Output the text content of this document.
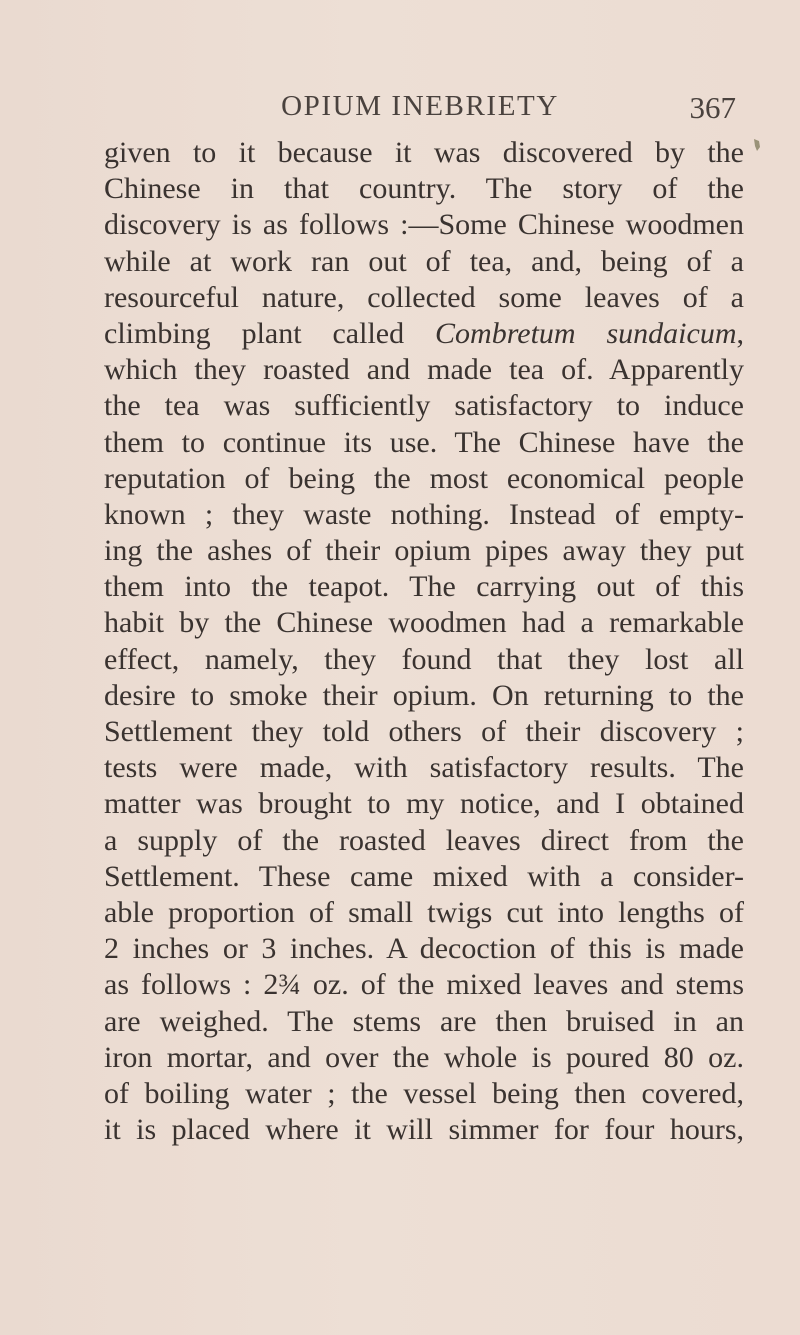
OPIUM INEBRIETY	367
given to it because it was discovered by the
Chinese in that country. The story of the
discovery is as follows :—Some Chinese woodmen
while at work ran out of tea, and, being of a
resourceful nature, collected some leaves of a
climbing plant called Combretum sundaicum,
which they roasted and made tea of. Apparently
the tea was sufficiently satisfactory to induce
them to continue its use. The Chinese have the
reputation of being the most economical people
known ; they waste nothing. Instead of empty-
ing the ashes of their opium pipes away they put
them into the teapot. The carrying out of this
habit by the Chinese woodmen had a remarkable
effect, namely, they found that they lost all
desire to smoke their opium. On returning to the
Settlement they told others of their discovery ;
tests were made, with satisfactory results. The
matter was brought to my notice, and I obtained
a supply of the roasted leaves direct from the
Settlement. These came mixed with a consider-
able proportion of small twigs cut into lengths of
2 inches or 3 inches. A decoction of this is made
as follows : 2¾ oz. of the mixed leaves and stems
are weighed. The stems are then bruised in an
iron mortar, and over the whole is poured 80 oz.
of boiling water ; the vessel being then covered,
it is placed where it will simmer for four hours,
